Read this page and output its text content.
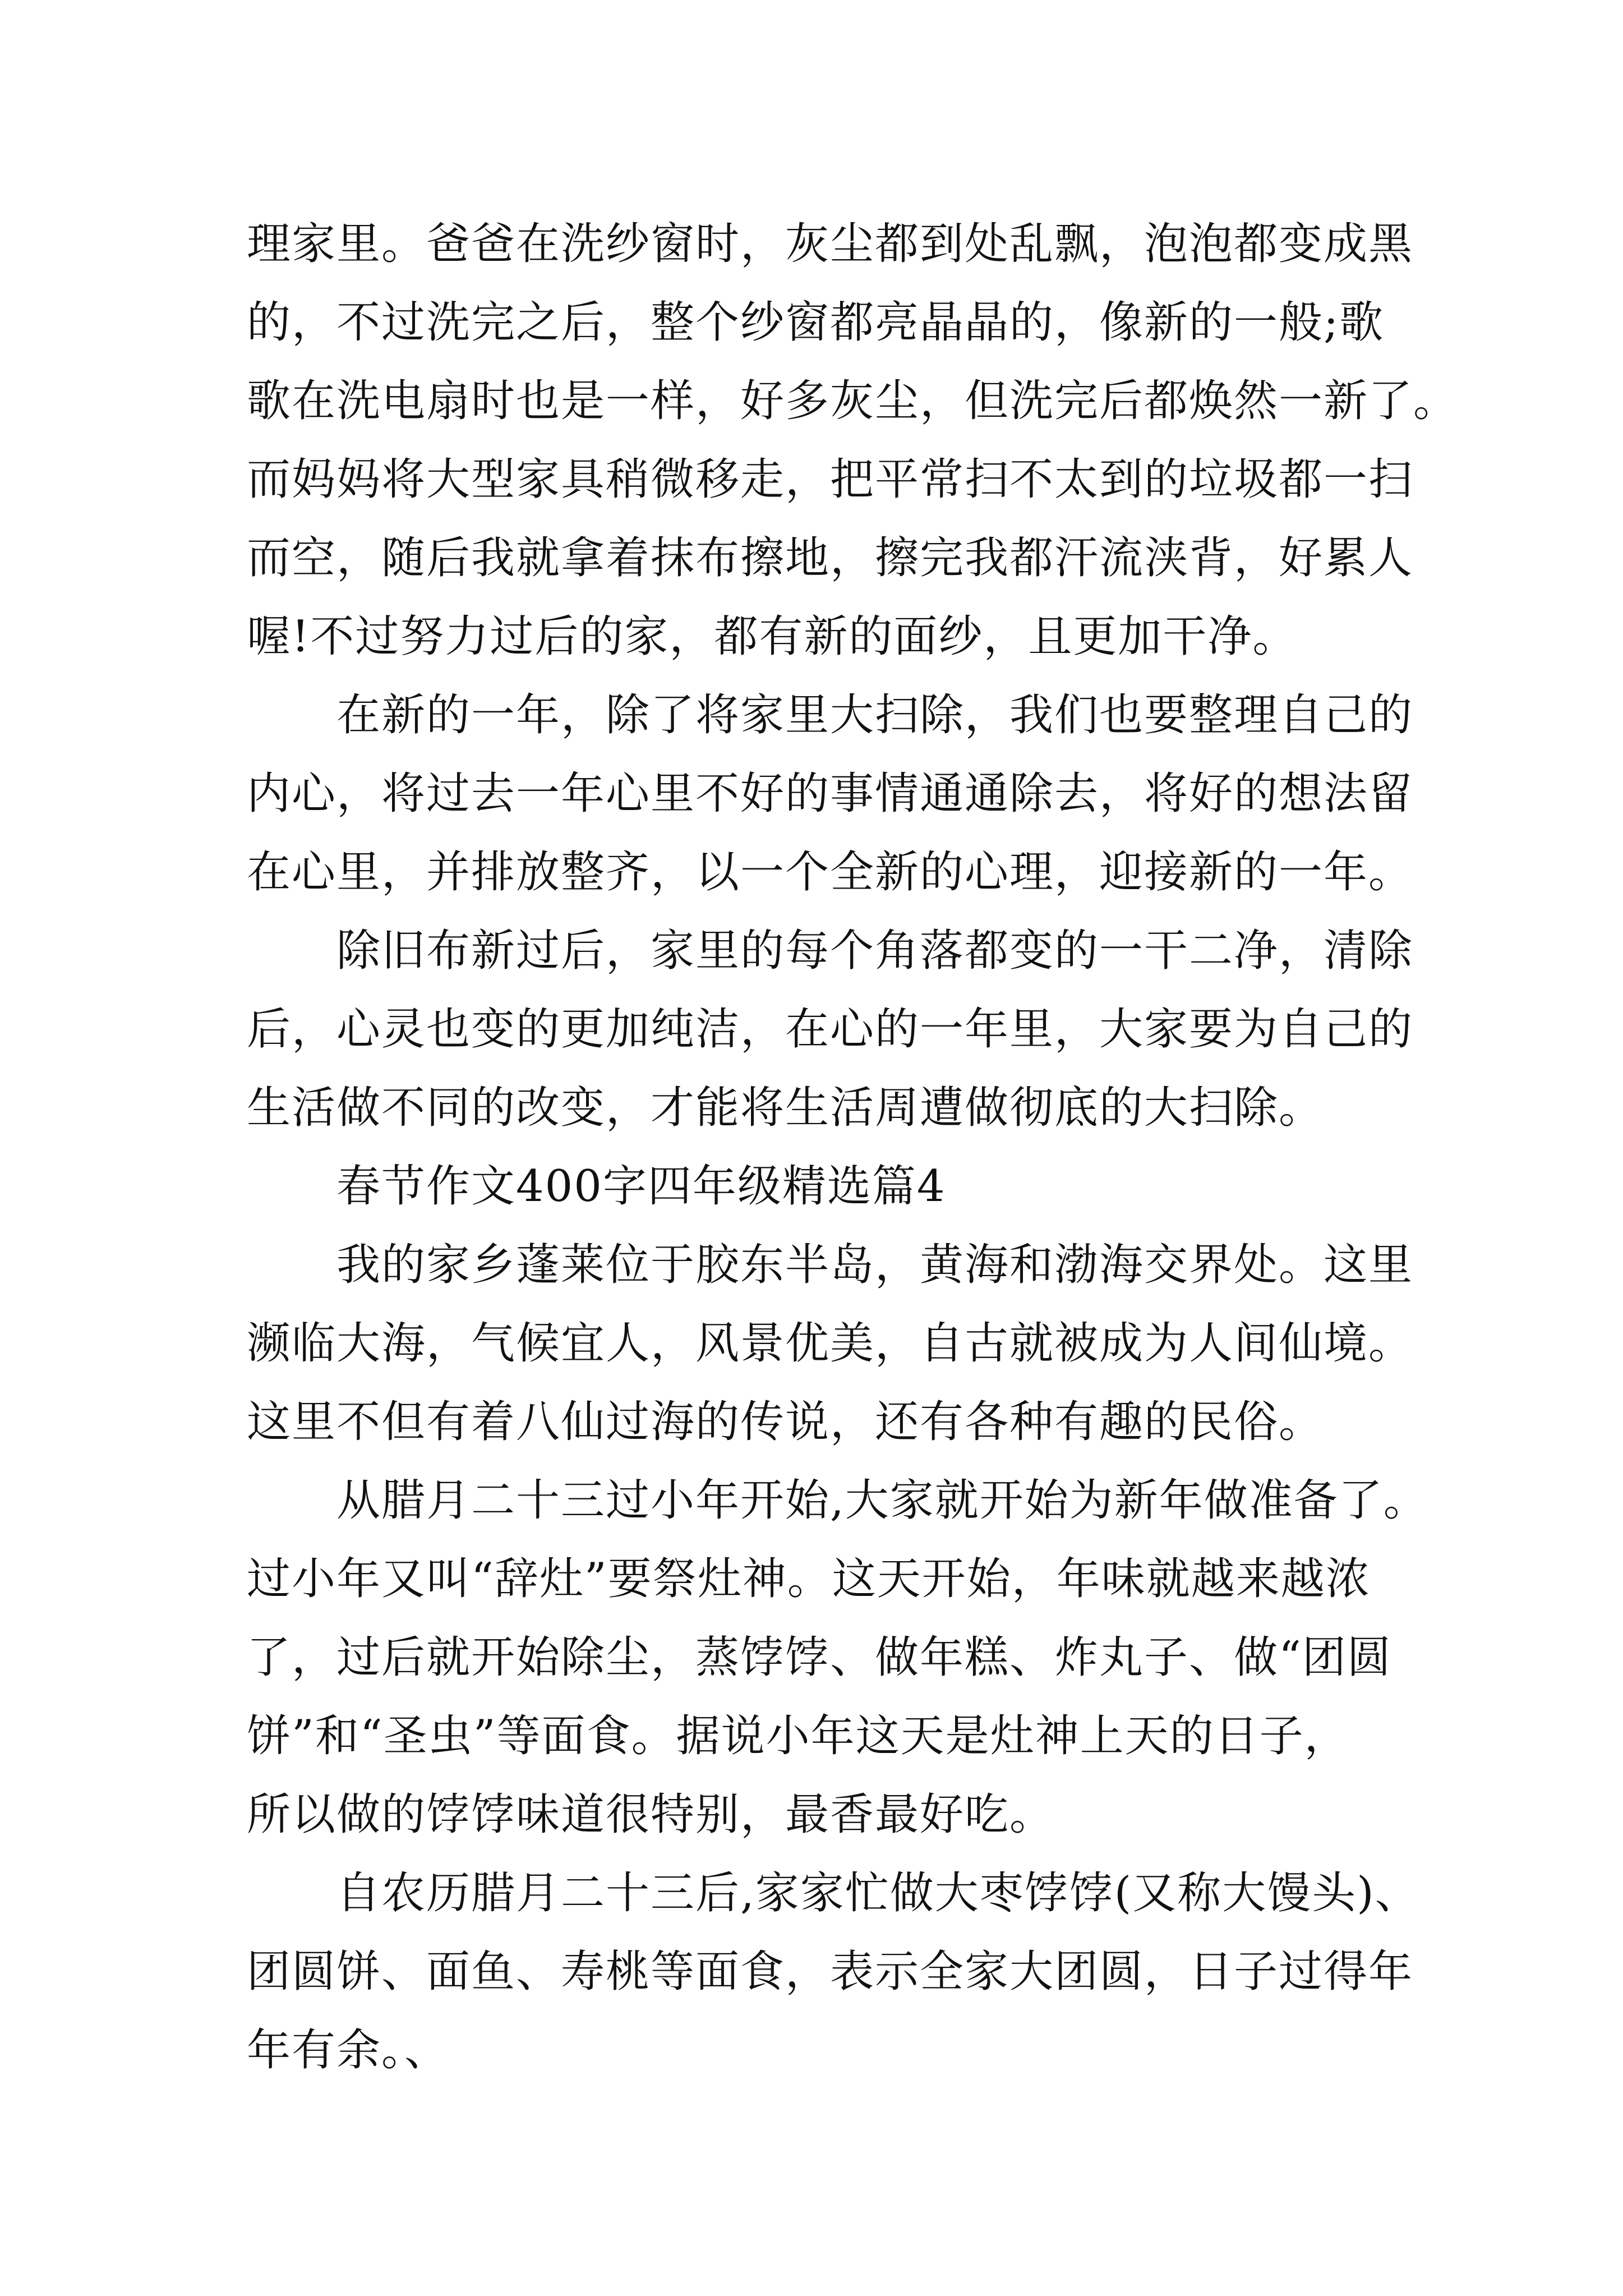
理家里。爸爸在洗纱窗时，灰尘都到处乱飘，泡泡都变成黑
的，不过洗完之后，整个纱窗都亮晶晶的，像新的一般;歌
歌在洗电扇时也是一样，好多灰尘，但洗完后都焕然一新了。
而妈妈将大型家具稍微移走，把平常扫不太到的垃圾都一扫
而空，随后我就拿着抹布擦地，擦完我都汗流浃背，好累人
喔!不过努力过后的家，都有新的面纱，且更加干净。
在新的一年，除了将家里大扫除，我们也要整理自己的
内心，将过去一年心里不好的事情通通除去，将好的想法留
在心里，并排放整齐，以一个全新的心理，迎接新的一年。
除旧布新过后，家里的每个角落都变的一干二净，清除
后，心灵也变的更加纯洁，在心的一年里，大家要为自己的
生活做不同的改变，才能将生活周遭做彻底的大扫除。
春节作文400字四年级精选篇4
我的家乡蓬莱位于胶东半岛，黄海和渤海交界处。这里
濒临大海，气候宜人，风景优美，自古就被成为人间仙境。
这里不但有着八仙过海的传说，还有各种有趣的民俗。
从腊月二十三过小年开始,大家就开始为新年做准备了。
过小年又叫“辞灶”要祭灶神。这天开始，年味就越来越浓
了，过后就开始除尘，蒸饽饽、做年糕、炸丸子、做“团圆
饼”和“圣虫”等面食。据说小年这天是灶神上天的日子，
所以做的饽饽味道很特别，最香最好吃。
自农历腊月二十三后,家家忙做大枣饽饽(又称大馒头)、
团圆饼、面鱼、寿桃等面食，表示全家大团圆，日子过得年
年有余。、
